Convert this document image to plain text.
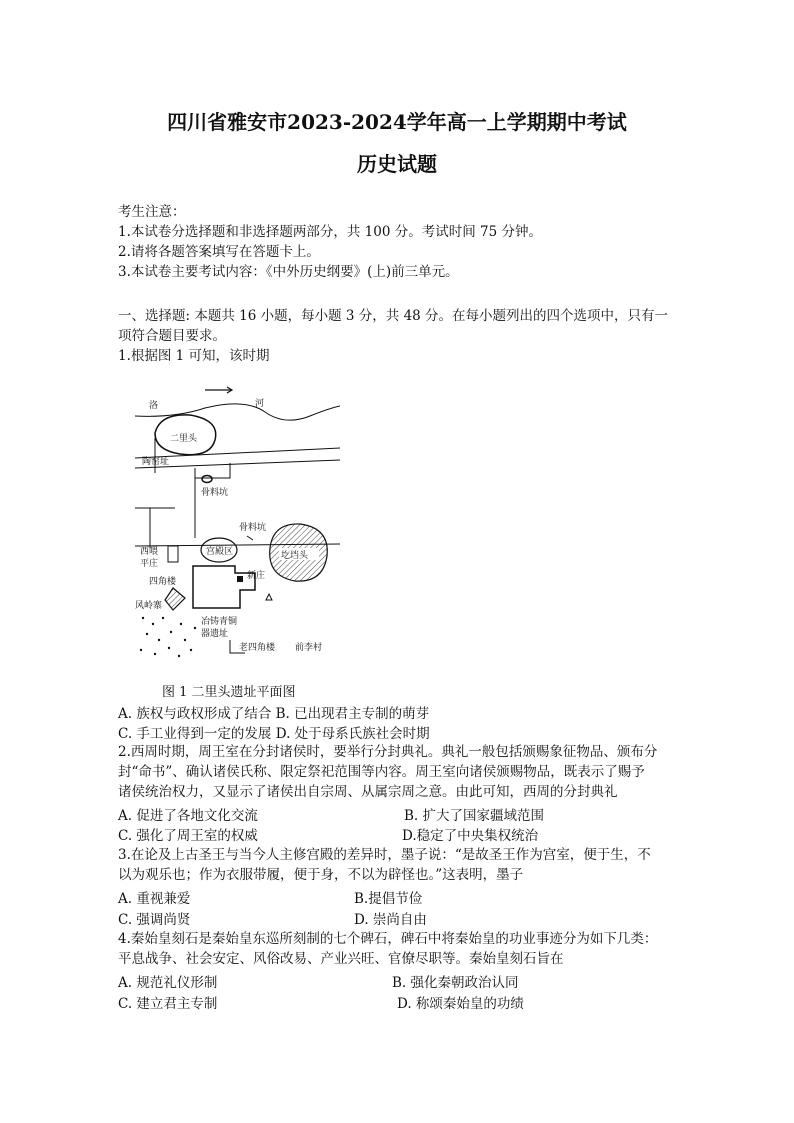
四川省雅安市2023-2024学年高一上学期期中考试
历史试题
考生注意：
1.本试卷分选择题和非选择题两部分，共 100 分。考试时间 75 分钟。
2.请将各题答案填写在答题卡上。
3.本试卷主要考试内容：《中外历史纲要》(上)前三单元。
一、选择题: 本题共 16 小题，每小题 3 分，共 48 分。在每小题列出的四个选项中，只有一
项符合题目要求。
1.根据图 1 可知，该时期
洛	河
二里头
陶窑址
骨料坑
宫殿区
骨料坑
圪垱头
西喂
平庄
四角楼
新庄
风岭寨
冶铸青铜
器遗址
老四角楼 前李村
图 1 二里头遗址平面图
A. 族权与政权形成了结合 B. 已出现君主专制的萌芽
C. 手工业得到一定的发展 D. 处于母系氏族社会时期
2.西周时期，周王室在分封诸侯时，要举行分封典礼。典礼一般包括颁赐象征物品、颁布分
封“命书”、确认诸侯氏称、限定祭祀范围等内容。周王室向诸侯颁赐物品，既表示了赐予
诸侯统治权力，又显示了诸侯出自宗周、从属宗周之意。由此可知，西周的分封典礼
A. 促进了各地文化交流	B. 扩大了国家疆域范围
C. 强化了周王室的权威	D.稳定了中央集权统治
3.在论及上古圣王与当今人主修宫殿的差异时，墨子说：“是故圣王作为宫室，便于生，不
以为观乐也；作为衣服带履，便于身，不以为辟怪也。”这表明，墨子
A. 重视兼爱	B.提倡节俭
C. 强调尚贤	D. 崇尚自由
4.秦始皇刻石是秦始皇东巡所刻制的七个碑石，碑石中将秦始皇的功业事迹分为如下几类：
平息战争、社会安定、风俗改易、产业兴旺、官僚尽职等。秦始皇刻石旨在
A. 规范礼仪形制	B. 强化秦朝政治认同
C. 建立君主专制	D. 称颂秦始皇的功绩
